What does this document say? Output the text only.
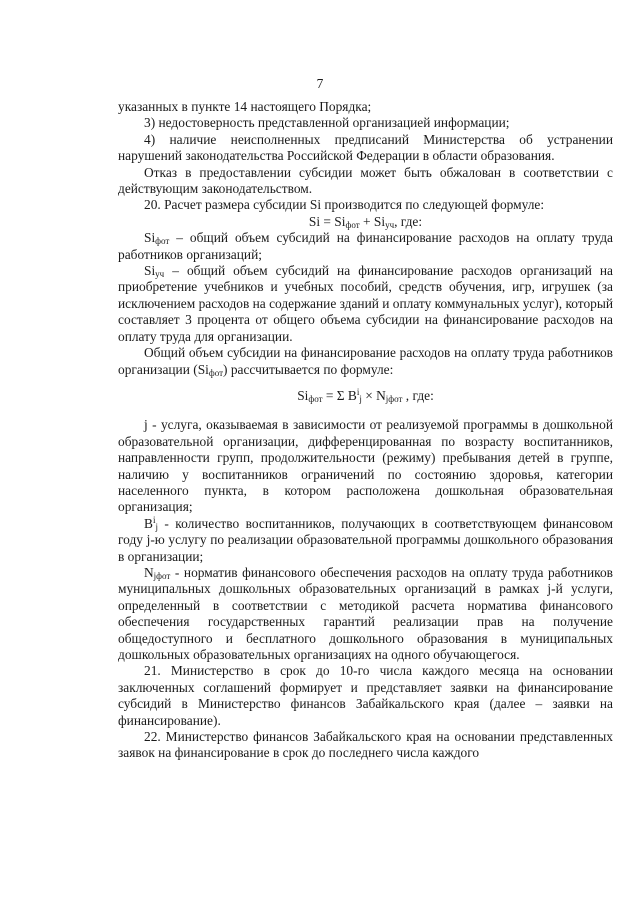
7

указанных в пункте 14 настоящего Порядка;

3) недостоверность представленной организацией информации;

4) наличие неисполненных предписаний Министерства об устранении нарушений законодательства Российской Федерации в области образования.

Отказ в предоставлении субсидии может быть обжалован в соответствии с действующим законодательством.

20. Расчет размера субсидии Si производится по следующей формуле:

$Si = Si_{фот} + Si_{уч}$, где:

$Si_{фот}$ – общий объем субсидий на финансирование расходов на оплату труда работников организаций;

$Si_{уч}$ – общий объем субсидий на финансирование расходов организаций на приобретение учебников и учебных пособий, средств обучения, игр, игрушек (за исключением расходов на содержание зданий и оплату коммунальных услуг), который составляет 3 процента от общего объема субсидии на финансирование расходов на оплату труда для организации.

Общий объем субсидии на финансирование расходов на оплату труда работников организации $(Si_{фот})$ рассчитывается по формуле:

$Si_{фот} = \Sigma$ $B^i_j \times N_{jфот}$ , где:

j - услуга, оказываемая в зависимости от реализуемой программы в дошкольной образовательной организации, дифференцированная по возрасту воспитанников, направленности групп, продолжительности (режиму) пребывания детей в группе, наличию у воспитанников ограничений по состоянию здоровья, категории населенного пункта, в котором расположена дошкольная образовательная организация;

$B^i_j$ - количество воспитанников, получающих в соответствующем финансовом году j-ю услугу по реализации образовательной программы дошкольного образования в организации;

$N_{jфот}$ - норматив финансового обеспечения расходов на оплату труда работников муниципальных дошкольных образовательных организаций в рамках j-й услуги, определенный в соответствии с методикой расчета норматива финансового обеспечения государственных гарантий реализации прав на получение общедоступного и бесплатного дошкольного образования в муниципальных дошкольных образовательных организациях на одного обучающегося.

21. Министерство в срок до 10-го числа каждого месяца на основании заключенных соглашений формирует и представляет заявки на финансирование субсидий в Министерство финансов Забайкальского края (далее – заявки на финансирование).

22. Министерство финансов Забайкальского края на основании представленных заявок на финансирование в срок до последнего числа каждого
